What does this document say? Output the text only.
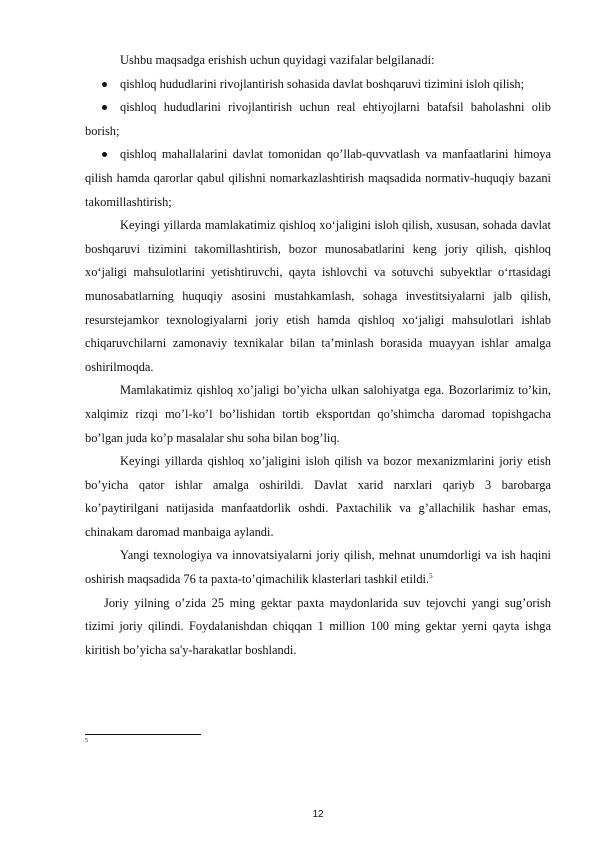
Ushbu maqsadga erishish uchun quyidagi vazifalar belgilanadi:

qishloq hududlarini rivojlantirish sohasida davlat boshqaruvi tizimini isloh qilish;

qishloq hududlarini rivojlantirish uchun real ehtiyojlarni batafsil baholashni olib borish;

qishloq mahallalarini davlat tomonidan qo’llab-quvvatlash va manfaatlarini himoya qilish hamda qarorlar qabul qilishni nomarkazlashtirish maqsadida normativ-huquqiy bazani takomillashtirish;

Keyingi yillarda mamlakatimiz qishloq xo‘jaligini isloh qilish, xususan, sohada davlat boshqaruvi tizimini takomillashtirish, bozor munosabatlarini keng joriy qilish, qishloq xo‘jaligi mahsulotlarini yetishtiruvchi, qayta ishlovchi va sotuvchi subyektlar o‘rtasidagi munosabatlarning huquqiy asosini mustahkamlash, sohaga investitsiyalarni jalb qilish, resurstejamkor texnologiyalarni joriy etish hamda qishloq xo‘jaligi mahsulotlari ishlab chiqaruvchilarni zamonaviy texnikalar bilan ta’minlash borasida muayyan ishlar amalga oshirilmoqda.

Mamlakatimiz qishloq xo’jaligi bo’yicha ulkan salohiyatga ega. Bozorlarimiz to’kin, xalqimiz rizqi mo’l-ko’l bo’lishidan tortib eksportdan qo’shimcha daromad topishgacha bo’lgan juda ko’p masalalar shu soha bilan bog’liq.

Keyingi yillarda qishloq xo’jaligini isloh qilish va bozor mexanizmlarini joriy etish bo’yicha qator ishlar amalga oshirildi. Davlat xarid narxlari qariyb 3 barobarga ko’paytirilgani natijasida manfaatdorlik oshdi. Paxtachilik va g’allachilik hashar emas, chinakam daromad manbaiga aylandi.

Yangi texnologiya va innovatsiyalarni joriy qilish, mehnat unumdorligi va ish haqini oshirish maqsadida 76 ta paxta-to’qimachilik klasterlari tashkil etildi.$^5$

Joriy yilning o’zida 25 ming gektar paxta maydonlarida suv tejovchi yangi sug’orish tizimi joriy qilindi. Foydalanishdan chiqqan 1 million 100 ming gektar yerni qayta ishga kiritish bo’yicha sa'y-harakatlar boshlandi.

5
12
